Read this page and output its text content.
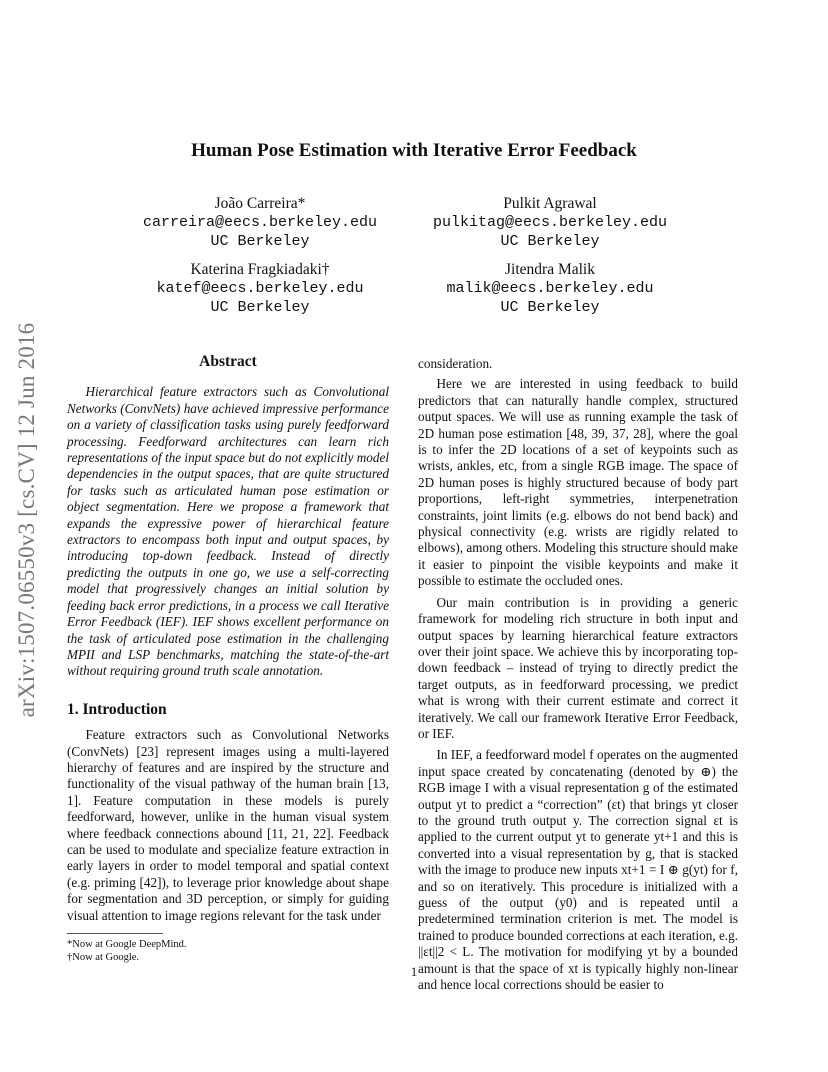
arXiv:1507.06550v3 [cs.CV] 12 Jun 2016
Human Pose Estimation with Iterative Error Feedback
João Carreira*
carreira@eecs.berkeley.edu
UC Berkeley
Pulkit Agrawal
pulkitag@eecs.berkeley.edu
UC Berkeley
Katerina Fragkiadaki†
katef@eecs.berkeley.edu
UC Berkeley
Jitendra Malik
malik@eecs.berkeley.edu
UC Berkeley
Abstract

Hierarchical feature extractors such as Convolutional Networks (ConvNets) have achieved impressive performance on a variety of classification tasks using purely feedforward processing. Feedforward architectures can learn rich representations of the input space but do not explicitly model dependencies in the output spaces, that are quite structured for tasks such as articulated human pose estimation or object segmentation. Here we propose a framework that expands the expressive power of hierarchical feature extractors to encompass both input and output spaces, by introducing top-down feedback. Instead of directly predicting the outputs in one go, we use a self-correcting model that progressively changes an initial solution by feeding back error predictions, in a process we call Iterative Error Feedback (IEF). IEF shows excellent performance on the task of articulated pose estimation in the challenging MPII and LSP benchmarks, matching the state-of-the-art without requiring ground truth scale annotation.

1. Introduction

Feature extractors such as Convolutional Networks (ConvNets) [23] represent images using a multi-layered hierarchy of features and are inspired by the structure and functionality of the visual pathway of the human brain [13, 1]. Feature computation in these models is purely feedforward, however, unlike in the human visual system where feedback connections abound [11, 21, 22]. Feedback can be used to modulate and specialize feature extraction in early layers in order to model temporal and spatial context (e.g. priming [42]), to leverage prior knowledge about shape for segmentation and 3D perception, or simply for guiding visual attention to image regions relevant for the task under

consideration.

Here we are interested in using feedback to build predictors that can naturally handle complex, structured output spaces. We will use as running example the task of 2D human pose estimation [48, 39, 37, 28], where the goal is to infer the 2D locations of a set of keypoints such as wrists, ankles, etc, from a single RGB image. The space of 2D human poses is highly structured because of body part proportions, left-right symmetries, interpenetration constraints, joint limits (e.g. elbows do not bend back) and physical connectivity (e.g. wrists are rigidly related to elbows), among others. Modeling this structure should make it easier to pinpoint the visible keypoints and make it possible to estimate the occluded ones.

Our main contribution is in providing a generic framework for modeling rich structure in both input and output spaces by learning hierarchical feature extractors over their joint space. We achieve this by incorporating top-down feedback – instead of trying to directly predict the target outputs, as in feedforward processing, we predict what is wrong with their current estimate and correct it iteratively. We call our framework Iterative Error Feedback, or IEF.

In IEF, a feedforward model f operates on the augmented input space created by concatenating (denoted by ⊕) the RGB image I with a visual representation g of the estimated output yt to predict a “correction” (εt) that brings yt closer to the ground truth output y. The correction signal εt is applied to the current output yt to generate yt+1 and this is converted into a visual representation by g, that is stacked with the image to produce new inputs xt+1 = I ⊕ g(yt) for f, and so on iteratively. This procedure is initialized with a guess of the output (y0) and is repeated until a predetermined termination criterion is met. The model is trained to produce bounded corrections at each iteration, e.g. ||εt||2 < L. The motivation for modifying yt by a bounded amount is that the space of xt is typically highly non-linear and hence local corrections should be easier to

*Now at Google DeepMind.
†Now at Google.
1
